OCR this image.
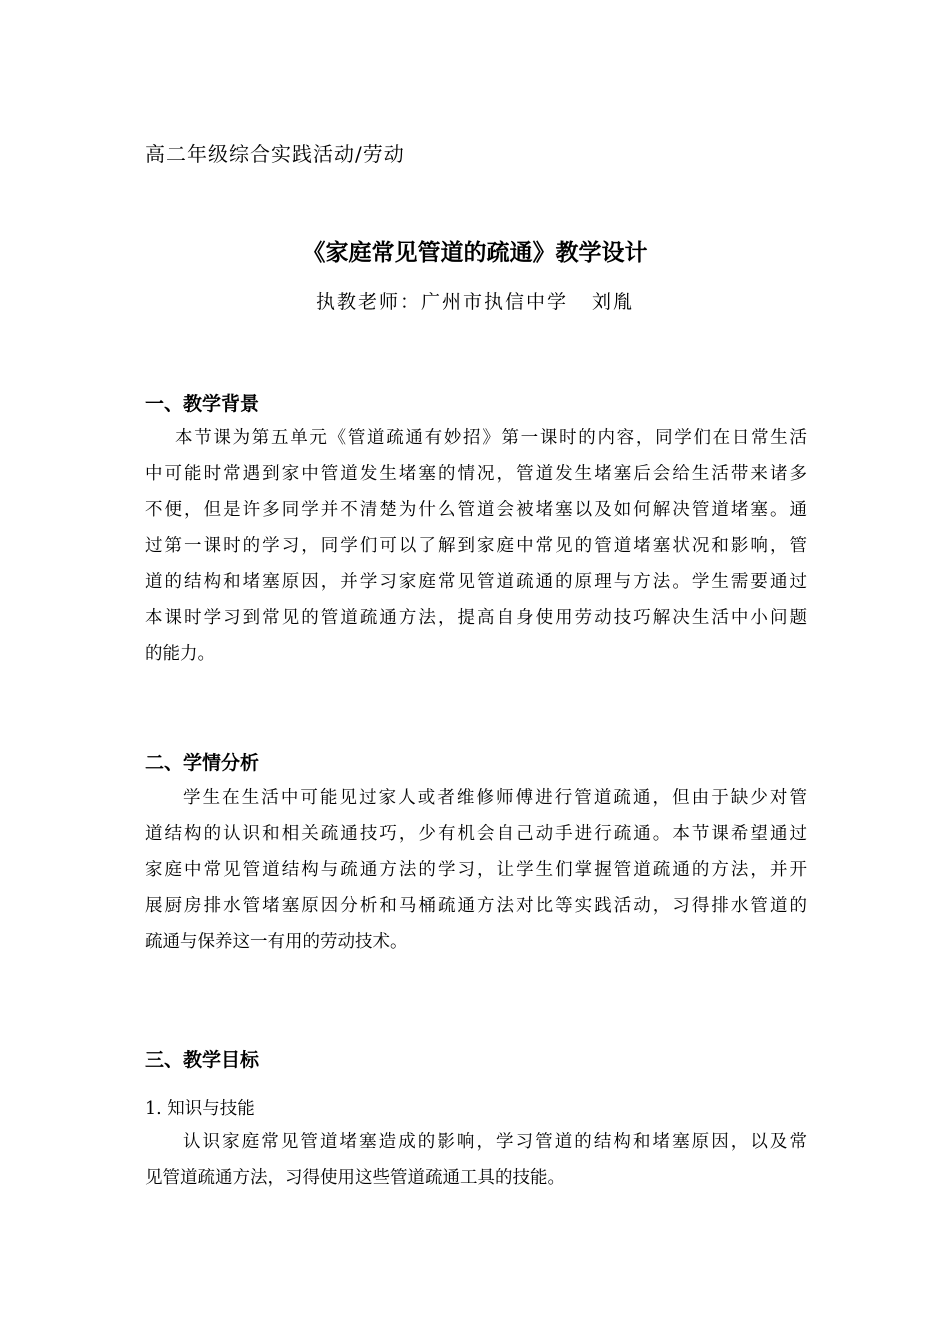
高二年级综合实践活动/劳动
《家庭常见管道的疏通》教学设计
执教老师：广州市执信中学 刘胤
一、教学背景
本节课为第五单元《管道疏通有妙招》第一课时的内容，同学们在日常生活
中可能时常遇到家中管道发生堵塞的情况，管道发生堵塞后会给生活带来诸多
不便，但是许多同学并不清楚为什么管道会被堵塞以及如何解决管道堵塞。通
过第一课时的学习，同学们可以了解到家庭中常见的管道堵塞状况和影响，管
道的结构和堵塞原因，并学习家庭常见管道疏通的原理与方法。学生需要通过
本课时学习到常见的管道疏通方法，提高自身使用劳动技巧解决生活中小问题
的能力。
二、学情分析
学生在生活中可能见过家人或者维修师傅进行管道疏通，但由于缺少对管
道结构的认识和相关疏通技巧，少有机会自己动手进行疏通。本节课希望通过
家庭中常见管道结构与疏通方法的学习，让学生们掌握管道疏通的方法，并开
展厨房排水管堵塞原因分析和马桶疏通方法对比等实践活动，习得排水管道的
疏通与保养这一有用的劳动技术。
三、教学目标
1. 知识与技能
认识家庭常见管道堵塞造成的影响，学习管道的结构和堵塞原因，以及常
见管道疏通方法，习得使用这些管道疏通工具的技能。
